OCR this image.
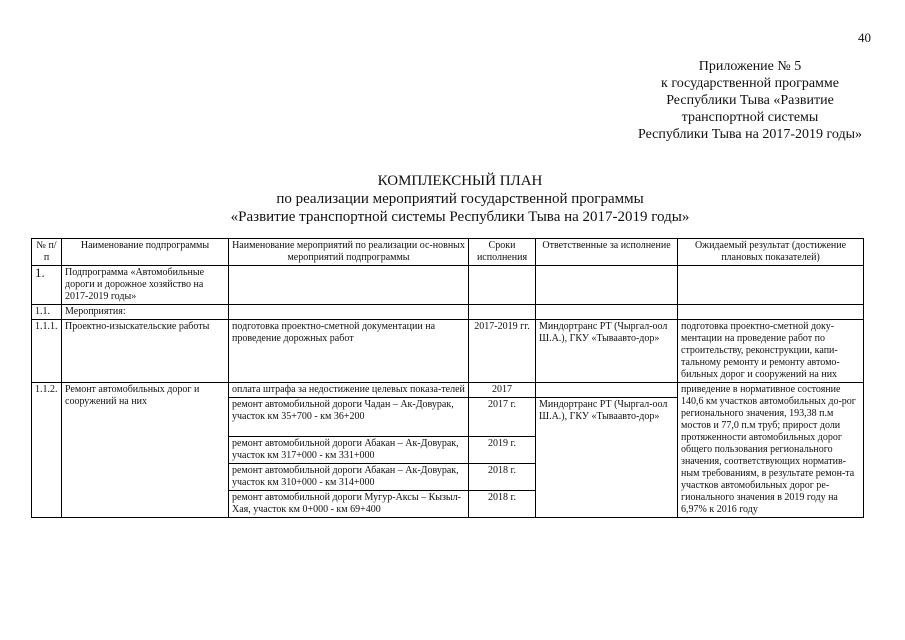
40
Приложение № 5
к государственной программе
Республики Тыва «Развитие
транспортной системы
Республики Тыва на 2017-2019 годы»
КОМПЛЕКСНЫЙ ПЛАН
по реализации мероприятий государственной программы
«Развитие транспортной системы Республики Тыва на 2017-2019 годы»
№ п/п	Наименование подпрограммы	Наименование мероприятий по реализации ос-новных мероприятий подпрограммы	Сроки исполнения	Ответственные за исполнение	Ожидаемый результат (достижение плановых показателей)
1.	Подпрограмма «Автомобильные дороги и дорожное хозяйство на 2017-2019 годы»				
1.1.	Мероприятия:				
1.1.1.	Проектно-изыскательские работы	подготовка проектно-сметной документации на проведение дорожных работ	2017-2019 гг.	Миндортранс РТ (Чыргал-оол Ш.А.), ГКУ «Тываавто-дор»	подготовка проектно-сметной доку-ментации на проведение работ по строительству, реконструкции, капи-тальному ремонту и ремонту автомо-бильных дорог и сооружений на них
1.1.2.	Ремонт автомобильных дорог и сооружений на них	оплата штрафа за недостижение целевых показа-телей	2017		приведение в нормативное состояние 140,6 км участков автомобильных до-рог регионального значения, 193,38 п.м мостов и 77,0 п.м труб; прирост доли протяженности автомобильных дорог общего пользования регионального значения, соответствующих норматив-ным требованиям, в результате ремон-та участков автомобильных дорог ре-гионального значения в 2019 году на 6,97% к 2016 году
		ремонт автомобильной дороги Чадан – Ак-Довурак, участок км 35+700 - км 36+200	2017 г.	Миндортранс РТ (Чыргал-оол Ш.А.), ГКУ «Тываавто-дор»	
		ремонт автомобильной дороги Абакан – Ак-Довурак, участок км 317+000 - км 331+000	2019 г.		
		ремонт автомобильной дороги Абакан – Ак-Довурак, участок км 310+000 - км 314+000	2018 г.		
		ремонт автомобильной дороги Мугур-Аксы – Кызыл-Хая, участок км 0+000 - км 69+400	2018 г.		
